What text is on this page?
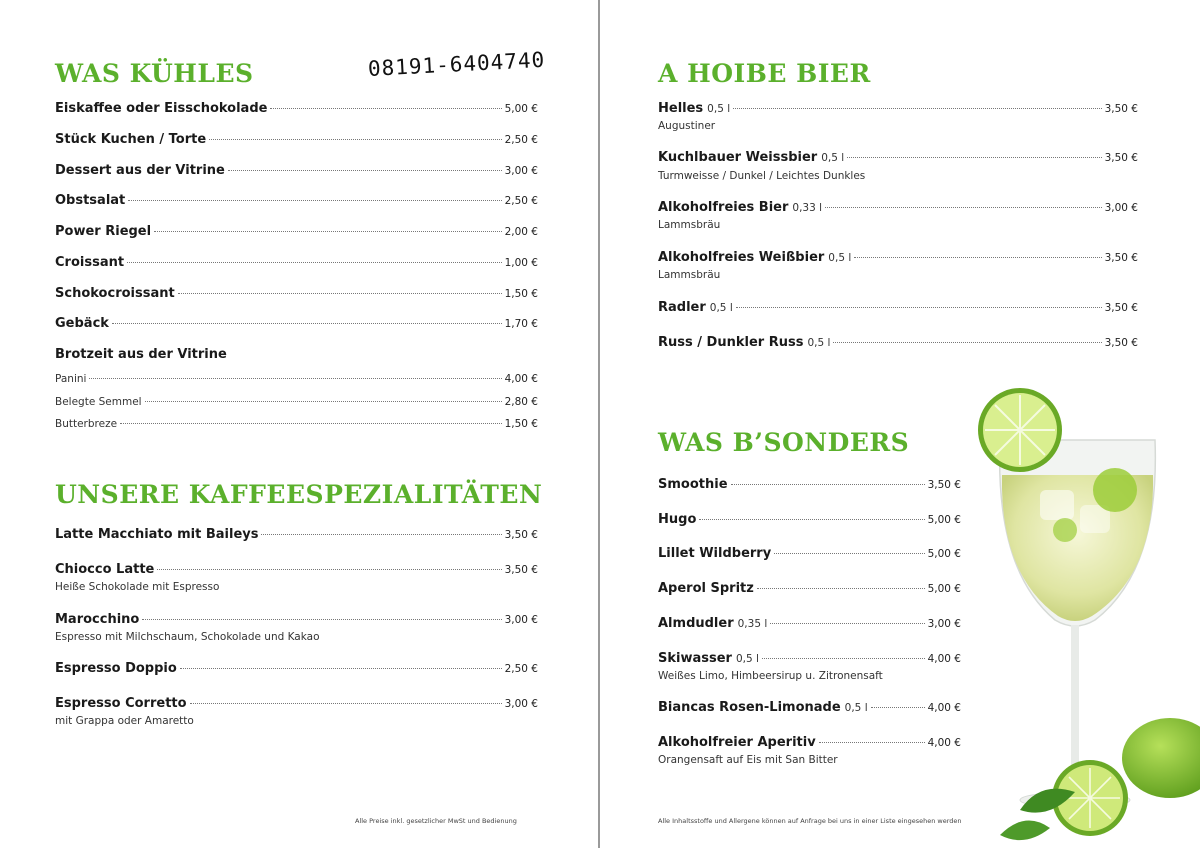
WAS KÜHLES	08191-6404740
Eiskaffee oder Eisschokolade	5,00 €
Stück Kuchen / Torte	2,50 €
Dessert aus der Vitrine	3,00 €
Obstsalat	2,50 €
Power Riegel	2,00 €
Croissant	1,00 €
Schokocroissant	1,50 €
Gebäck	1,70 €
Brotzeit aus der Vitrine
Panini	4,00 €
Belegte Semmel	2,80 €
Butterbreze	1,50 €
UNSERE KAFFEESPEZIALITÄTEN
Latte Macchiato mit Baileys	3,50 €
Chiocco Latte	3,50 €
Heiße Schokolade mit Espresso
Marocchino	3,00 €
Espresso mit Milchschaum, Schokolade und Kakao
Espresso Doppio	2,50 €
Espresso Corretto	3,00 €
mit Grappa oder Amaretto
Alle Preise inkl. gesetzlicher MwSt und Bedienung
A HOIBE BIER
Helles 0,5 l	3,50 €
Augustiner
Kuchlbauer Weissbier 0,5 l	3,50 €
Turmweisse / Dunkel / Leichtes Dunkles
Alkoholfreies Bier 0,33 l	3,00 €
Lammsbräu
Alkoholfreies Weißbier 0,5 l	3,50 €
Lammsbräu
Radler 0,5 l	3,50 €
Russ / Dunkler Russ 0,5 l	3,50 €
WAS B’SONDERS
Smoothie	3,50 €
Hugo	5,00 €
Lillet Wildberry	5,00 €
Aperol Spritz	5,00 €
Almdudler 0,35 l	3,00 €
Skiwasser 0,5 l	4,00 €
Weißes Limo, Himbeersirup u. Zitronensaft
Biancas Rosen-Limonade 0,5 l	4,00 €
Alkoholfreier Aperitiv	4,00 €
Orangensaft auf Eis mit San Bitter
Alle Inhaltsstoffe und Allergene können auf Anfrage bei uns in einer Liste eingesehen werden
